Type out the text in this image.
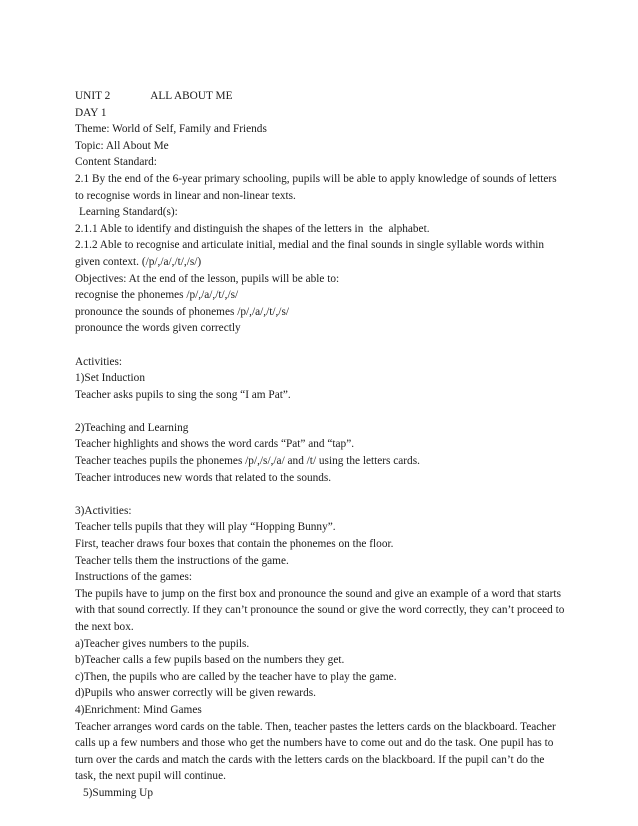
UNIT 2	ALL ABOUT ME
DAY 1
Theme: World of Self, Family and Friends
Topic: All About Me
Content Standard:

2.1 By the end of the 6-year primary schooling, pupils will be able to apply knowledge of sounds of letters to recognise words in linear and non-linear texts.

Learning Standard(s):
2.1.1 Able to identify and distinguish the shapes of the letters in  the  alphabet.

2.1.2 Able to recognise and articulate initial, medial and the final sounds in single syllable words within given context. (/p/,/a/,/t/,/s/)

Objectives: At the end of the lesson, pupils will be able to:
recognise the phonemes /p/,/a/,/t/,/s/
pronounce the sounds of phonemes /p/,/a/,/t/,/s/
pronounce the words given correctly
Activities:
1)Set Induction
Teacher asks pupils to sing the song “I am Pat”.
2)Teaching and Learning
Teacher highlights and shows the word cards “Pat” and “tap”.
Teacher teaches pupils the phonemes /p/,/s/,/a/ and /t/ using the letters cards.
Teacher introduces new words that related to the sounds.
3)Activities:
Teacher tells pupils that they will play “Hopping Bunny”.
First, teacher draws four boxes that contain the phonemes on the floor.
Teacher tells them the instructions of the game.
Instructions of the games:

The pupils have to jump on the first box and pronounce the sound and give an example of a word that starts with that sound correctly. If they can’t pronounce the sound or give the word correctly, they can’t proceed to the next box.

a)Teacher gives numbers to the pupils.
b)Teacher calls a few pupils based on the numbers they get.
c)Then, the pupils who are called by the teacher have to play the game.
d)Pupils who answer correctly will be given rewards.
4)Enrichment: Mind Games

Teacher arranges word cards on the table. Then, teacher pastes the letters cards on the blackboard. Teacher calls up a few numbers and those who get the numbers have to come out and do the task. One pupil has to turn over the cards and match the cards with the letters cards on the blackboard. If the pupil can’t do the task, the next pupil will continue.

5)Summing Up
